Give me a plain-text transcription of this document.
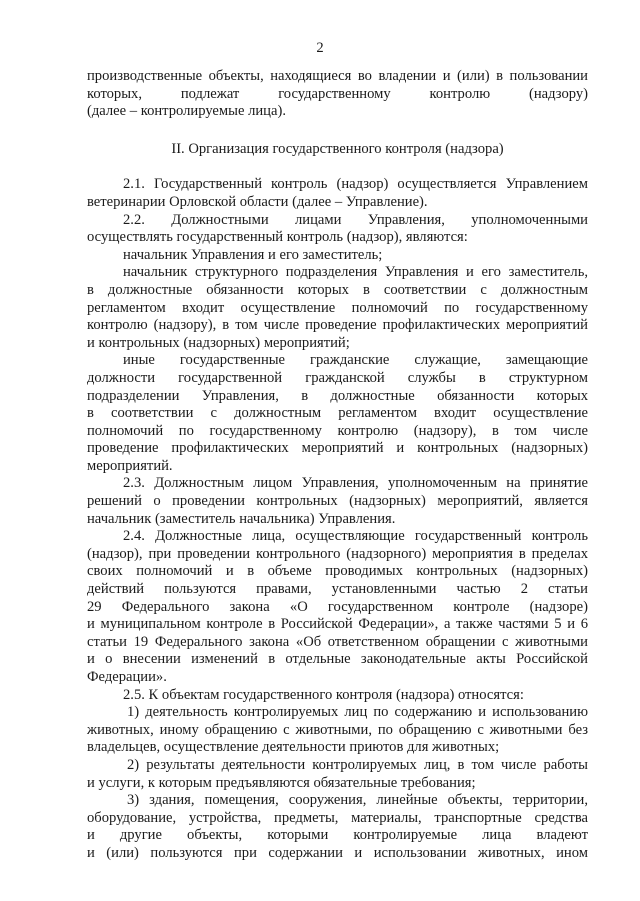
2
производственные объекты, находящиеся во владении и (или) в пользовании
которых, подлежат государственному контролю (надзору)
(далее – контролируемые лица).
II. Организация государственного контроля (надзора)
2.1. Государственный контроль (надзор) осуществляется Управлением
ветеринарии Орловской области (далее – Управление).
2.2. Должностными лицами Управления, уполномоченными
осуществлять государственный контроль (надзор), являются:
начальник Управления и его заместитель;
начальник структурного подразделения Управления и его заместитель,
в должностные обязанности которых в соответствии с должностным
регламентом входит осуществление полномочий по государственному
контролю (надзору), в том числе проведение профилактических мероприятий
и контрольных (надзорных) мероприятий;
иные государственные гражданские служащие, замещающие
должности государственной гражданской службы в структурном
подразделении Управления, в должностные обязанности которых
в соответствии с должностным регламентом входит осуществление
полномочий по государственному контролю (надзору), в том числе
проведение профилактических мероприятий и контрольных (надзорных)
мероприятий.
2.3. Должностным лицом Управления, уполномоченным на принятие
решений о проведении контрольных (надзорных) мероприятий, является
начальник (заместитель начальника) Управления.
2.4. Должностные лица, осуществляющие государственный контроль
(надзор), при проведении контрольного (надзорного) мероприятия в пределах
своих полномочий и в объеме проводимых контрольных (надзорных)
действий пользуются правами, установленными частью 2 статьи
29 Федерального закона «О государственном контроле (надзоре)
и муниципальном контроле в Российской Федерации», а также частями 5 и 6
статьи 19 Федерального закона «Об ответственном обращении с животными
и о внесении изменений в отдельные законодательные акты Российской
Федерации».
2.5. К объектам государственного контроля (надзора) относятся:
1) деятельность контролируемых лиц по содержанию и использованию
животных, иному обращению с животными, по обращению с животными без
владельцев, осуществление деятельности приютов для животных;
2) результаты деятельности контролируемых лиц, в том числе работы
и услуги, к которым предъявляются обязательные требования;
3) здания, помещения, сооружения, линейные объекты, территории,
оборудование, устройства, предметы, материалы, транспортные средства
и другие объекты, которыми контролируемые лица владеют
и (или) пользуются при содержании и использовании животных, ином
